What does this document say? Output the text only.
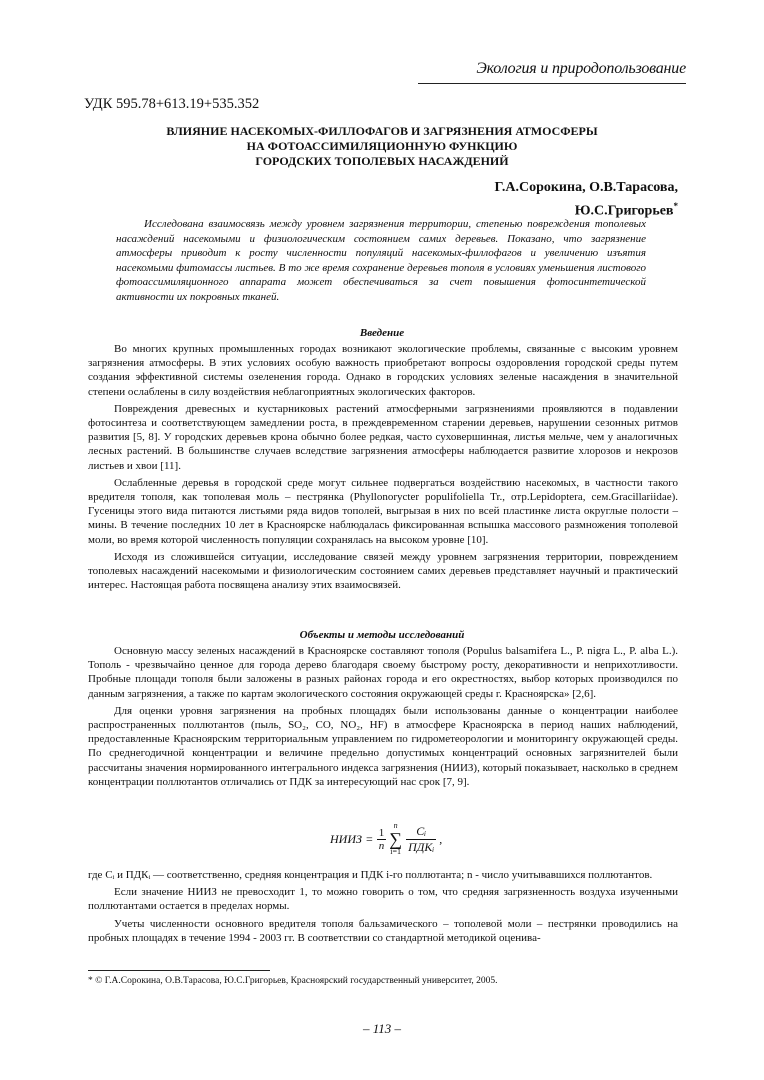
Экология и природопользование
УДК 595.78+613.19+535.352
ВЛИЯНИЕ НАСЕКОМЫХ-ФИЛЛОФАГОВ И ЗАГРЯЗНЕНИЯ АТМОСФЕРЫ
НА ФОТОАССИМИЛЯЦИОННУЮ ФУНКЦИЮ
ГОРОДСКИХ ТОПОЛЕВЫХ НАСАЖДЕНИЙ
Г.А.Сорокина, О.В.Тарасова,
Ю.С.Григорьев*
Исследована взаимосвязь между уровнем загрязнения территории, степенью повреждения тополевых насаждений насекомыми и физиологическим состоянием самих деревьев. Показано, что загрязнение атмосферы приводит к росту численности популяций насекомых-филлофагов и увеличению изъятия насекомыми фитомассы листьев. В то же время сохранение деревьев тополя в условиях уменьшения листового фотоассимиляционного аппарата может обеспечиваться за счет повышения фотосинтетической активности их покровных тканей.
Введение

Во многих крупных промышленных городах возникают экологические проблемы, связанные с высоким уровнем загрязнения атмосферы. В этих условиях особую важность приобретают вопросы оздоровления городской среды путем создания эффективной системы озеленения города. Однако в городских условиях зеленые насаждения в значительной степени ослаблены в силу воздействия неблагоприятных экологических факторов.

Повреждения древесных и кустарниковых растений атмосферными загрязнениями проявляются в подавлении фотосинтеза и соответствующем замедлении роста, в преждевременном старении деревьев, нарушении сезонных ритмов развития [5, 8]. У городских деревьев крона обычно более редкая, часто суховершинная, листья мельче, чем у аналогичных лесных растений. В большинстве случаев вследствие загрязнения атмосферы наблюдается развитие хлорозов и некрозов листьев и хвои [11].

Ослабленные деревья в городской среде могут сильнее подвергаться воздействию насекомых, в частности такого вредителя тополя, как тополевая моль – пестрянка (Phyllonorycter populifoliella Tr., отр.Lepidoptera, сем.Gracillariidae). Гусеницы этого вида питаются листьями ряда видов тополей, выгрызая в них по всей пластинке листа округлые полости – мины. В течение последних 10 лет в Красноярске наблюдалась фиксированная вспышка массового размножения тополевой моли, во время которой численность популяции сохранялась на высоком уровне [10].

Исходя из сложившейся ситуации, исследование связей между уровнем загрязнения территории, повреждением тополевых насаждений насекомыми и физиологическим состоянием самих деревьев представляет научный и практический интерес. Настоящая работа посвящена анализу этих взаимосвязей.

Объекты и методы исследований

Основную массу зеленых насаждений в Красноярске составляют тополя (Populus balsamifera L., P. nigra L., P. alba L.). Тополь - чрезвычайно ценное для города дерево благодаря своему быстрому росту, декоративности и неприхотливости. Пробные площади тополя были заложены в разных районах города и его окрестностях, выбор которых производился по данным загрязнения, а также по картам экологического состояния окружающей среды г. Красноярска» [2,6].

Для оценки уровня загрязнения на пробных площадях были использованы данные о концентрации наиболее распространенных поллютантов (пыль, SO₂, CO, NO₂, HF) в атмосфере Красноярска в период наших наблюдений, предоставленные Красноярским территориальным управлением по гидрометеорологии и мониторингу окружающей среды. По среднегодичной концентрации и величине предельно допустимых концентраций основных загрязнителей были рассчитаны значения нормированного интегрального индекса загрязнения (НИИЗ), который показывает, насколько в среднем концентрации поллютантов отличались от ПДК за интересующий нас срок [7, 9].

НИИЗ = $\frac{1}{n}$
n
∑
$i=1 \frac{\text{Cᵢ}}{\text{ПДКᵢ}}$ ,

где Cᵢ и ПДКᵢ — соответственно, средняя концентрация и ПДК i-го поллютанта; n - число учитывавшихся поллютантов.

Если значение НИИЗ не превосходит 1, то можно говорить о том, что средняя загрязненность воздуха изученными поллютантами остается в пределах нормы.

Учеты численности основного вредителя тополя бальзамического – тополевой моли – пестрянки проводились на пробных площадях в течение 1994 - 2003 гг. В соответствии со стандартной методикой оценива-

* © Г.А.Сорокина, О.В.Тарасова, Ю.С.Григорьев, Красноярский государственный университет, 2005.
– 113 –
